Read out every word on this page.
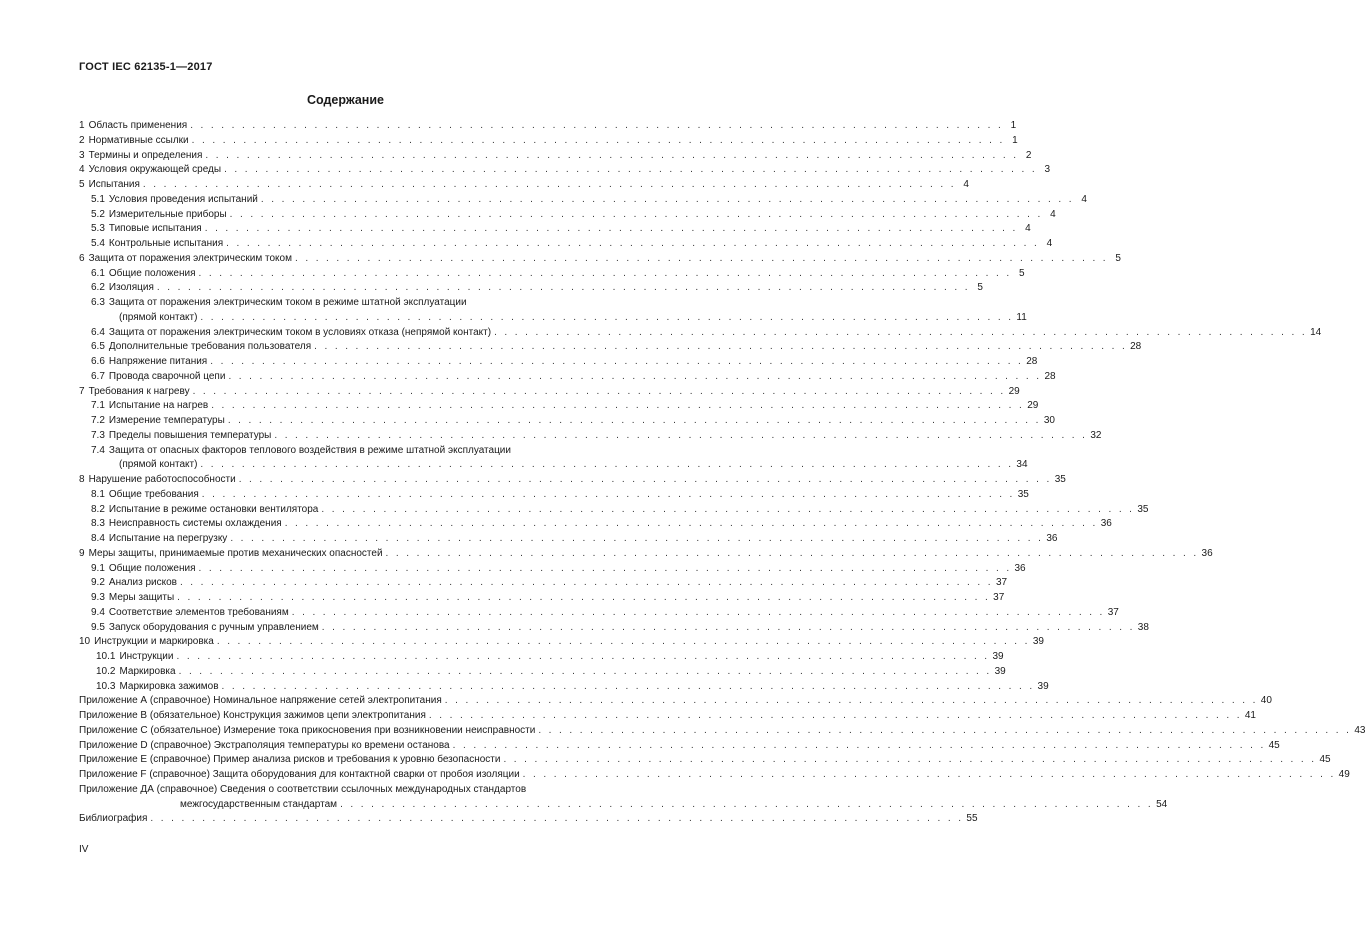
ГОСТ IEC 62135-1—2017
Содержание
1 Область применения . . . . . . . . . . . . . . . . . . . . . . . . . . . . . . . . . . . . . . . . . . . . . . . . . . . . . . . . . . . . . . . . . . . . . . . . . . . . . . . 1
2 Нормативные ссылки . . . . . . . . . . . . . . . . . . . . . . . . . . . . . . . . . . . . . . . . . . . . . . . . . . . . . . . . . . . . . . . . . . . . . . . . . . . . . . . 1
3 Термины и определения . . . . . . . . . . . . . . . . . . . . . . . . . . . . . . . . . . . . . . . . . . . . . . . . . . . . . . . . . . . . . . . . . . . . . . . . . . . . . . . 2
4 Условия окружающей среды . . . . . . . . . . . . . . . . . . . . . . . . . . . . . . . . . . . . . . . . . . . . . . . . . . . . . . . . . . . . . . . . . . . . . . . . . . . . . . . 3
5 Испытания . . . . . . . . . . . . . . . . . . . . . . . . . . . . . . . . . . . . . . . . . . . . . . . . . . . . . . . . . . . . . . . . . . . . . . . . . . . . . . . 4
5.1 Условия проведения испытаний . . . . . . . . . . . . . . . . . . . . . . . . . . . . . . . . . . . . . . . . . . . . . . . . . . . . . . . . . . . . . . . . . . . . . . . . . . . . . . . 4
5.2 Измерительные приборы . . . . . . . . . . . . . . . . . . . . . . . . . . . . . . . . . . . . . . . . . . . . . . . . . . . . . . . . . . . . . . . . . . . . . . . . . . . . . . . 4
5.3 Типовые испытания . . . . . . . . . . . . . . . . . . . . . . . . . . . . . . . . . . . . . . . . . . . . . . . . . . . . . . . . . . . . . . . . . . . . . . . . . . . . . . . 4
5.4 Контрольные испытания . . . . . . . . . . . . . . . . . . . . . . . . . . . . . . . . . . . . . . . . . . . . . . . . . . . . . . . . . . . . . . . . . . . . . . . . . . . . . . . 4
6 Защита от поражения электрическим током . . . . . . . . . . . . . . . . . . . . . . . . . . . . . . . . . . . . . . . . . . . . . . . . . . . . . . . . . . . . . . . . . . . . . . . . . . . . . . . 5
6.1 Общие положения . . . . . . . . . . . . . . . . . . . . . . . . . . . . . . . . . . . . . . . . . . . . . . . . . . . . . . . . . . . . . . . . . . . . . . . . . . . . . . . 5
6.2 Изоляция . . . . . . . . . . . . . . . . . . . . . . . . . . . . . . . . . . . . . . . . . . . . . . . . . . . . . . . . . . . . . . . . . . . . . . . . . . . . . . . 5
6.3 Защита от поражения электрическим током в режиме штатной эксплуатации
(прямой контакт) . . . . . . . . . . . . . . . . . . . . . . . . . . . . . . . . . . . . . . . . . . . . . . . . . . . . . . . . . . . . . . . . . . . . . . . . . . . . . . . 11
6.4 Защита от поражения электрическим током в условиях отказа (непрямой контакт) . . . . . . . . . . . . . . . . . . . . . . . . . . . . . . . . . . . . . . . . . . . . . . . . . . . . . . . . . . . . . . . . . . . . . . . . . . . . . . . 14
6.5 Дополнительные требования пользователя . . . . . . . . . . . . . . . . . . . . . . . . . . . . . . . . . . . . . . . . . . . . . . . . . . . . . . . . . . . . . . . . . . . . . . . . . . . . . . . 28
6.6 Напряжение питания . . . . . . . . . . . . . . . . . . . . . . . . . . . . . . . . . . . . . . . . . . . . . . . . . . . . . . . . . . . . . . . . . . . . . . . . . . . . . . . 28
6.7 Провода сварочной цепи . . . . . . . . . . . . . . . . . . . . . . . . . . . . . . . . . . . . . . . . . . . . . . . . . . . . . . . . . . . . . . . . . . . . . . . . . . . . . . . 28
7 Требования к нагреву . . . . . . . . . . . . . . . . . . . . . . . . . . . . . . . . . . . . . . . . . . . . . . . . . . . . . . . . . . . . . . . . . . . . . . . . . . . . . . . 29
7.1 Испытание на нагрев . . . . . . . . . . . . . . . . . . . . . . . . . . . . . . . . . . . . . . . . . . . . . . . . . . . . . . . . . . . . . . . . . . . . . . . . . . . . . . . 29
7.2 Измерение температуры . . . . . . . . . . . . . . . . . . . . . . . . . . . . . . . . . . . . . . . . . . . . . . . . . . . . . . . . . . . . . . . . . . . . . . . . . . . . . . . 30
7.3 Пределы повышения температуры . . . . . . . . . . . . . . . . . . . . . . . . . . . . . . . . . . . . . . . . . . . . . . . . . . . . . . . . . . . . . . . . . . . . . . . . . . . . . . . 32
7.4 Защита от опасных факторов теплового воздействия в режиме штатной эксплуатации
(прямой контакт) . . . . . . . . . . . . . . . . . . . . . . . . . . . . . . . . . . . . . . . . . . . . . . . . . . . . . . . . . . . . . . . . . . . . . . . . . . . . . . . 34
8 Нарушение работоспособности . . . . . . . . . . . . . . . . . . . . . . . . . . . . . . . . . . . . . . . . . . . . . . . . . . . . . . . . . . . . . . . . . . . . . . . . . . . . . . . 35
8.1 Общие требования . . . . . . . . . . . . . . . . . . . . . . . . . . . . . . . . . . . . . . . . . . . . . . . . . . . . . . . . . . . . . . . . . . . . . . . . . . . . . . . 35
8.2 Испытание в режиме остановки вентилятора . . . . . . . . . . . . . . . . . . . . . . . . . . . . . . . . . . . . . . . . . . . . . . . . . . . . . . . . . . . . . . . . . . . . . . . . . . . . . . . 35
8.3 Неисправность системы охлаждения . . . . . . . . . . . . . . . . . . . . . . . . . . . . . . . . . . . . . . . . . . . . . . . . . . . . . . . . . . . . . . . . . . . . . . . . . . . . . . . 36
8.4 Испытание на перегрузку . . . . . . . . . . . . . . . . . . . . . . . . . . . . . . . . . . . . . . . . . . . . . . . . . . . . . . . . . . . . . . . . . . . . . . . . . . . . . . . 36
9 Меры защиты, принимаемые против механических опасностей . . . . . . . . . . . . . . . . . . . . . . . . . . . . . . . . . . . . . . . . . . . . . . . . . . . . . . . . . . . . . . . . . . . . . . . . . . . . . . . 36
9.1 Общие положения . . . . . . . . . . . . . . . . . . . . . . . . . . . . . . . . . . . . . . . . . . . . . . . . . . . . . . . . . . . . . . . . . . . . . . . . . . . . . . . 36
9.2 Анализ рисков . . . . . . . . . . . . . . . . . . . . . . . . . . . . . . . . . . . . . . . . . . . . . . . . . . . . . . . . . . . . . . . . . . . . . . . . . . . . . . . 37
9.3 Меры защиты . . . . . . . . . . . . . . . . . . . . . . . . . . . . . . . . . . . . . . . . . . . . . . . . . . . . . . . . . . . . . . . . . . . . . . . . . . . . . . . 37
9.4 Соответствие элементов требованиям . . . . . . . . . . . . . . . . . . . . . . . . . . . . . . . . . . . . . . . . . . . . . . . . . . . . . . . . . . . . . . . . . . . . . . . . . . . . . . . 37
9.5 Запуск оборудования с ручным управлением . . . . . . . . . . . . . . . . . . . . . . . . . . . . . . . . . . . . . . . . . . . . . . . . . . . . . . . . . . . . . . . . . . . . . . . . . . . . . . . 38
10 Инструкции и маркировка . . . . . . . . . . . . . . . . . . . . . . . . . . . . . . . . . . . . . . . . . . . . . . . . . . . . . . . . . . . . . . . . . . . . . . . . . . . . . . . 39
10.1 Инструкции . . . . . . . . . . . . . . . . . . . . . . . . . . . . . . . . . . . . . . . . . . . . . . . . . . . . . . . . . . . . . . . . . . . . . . . . . . . . . . . 39
10.2 Маркировка . . . . . . . . . . . . . . . . . . . . . . . . . . . . . . . . . . . . . . . . . . . . . . . . . . . . . . . . . . . . . . . . . . . . . . . . . . . . . . . 39
10.3 Маркировка зажимов . . . . . . . . . . . . . . . . . . . . . . . . . . . . . . . . . . . . . . . . . . . . . . . . . . . . . . . . . . . . . . . . . . . . . . . . . . . . . . . 39
Приложение А (справочное) Номинальное напряжение сетей электропитания . . . . . . . . . . . . . . . . . . . . . . . . . . . . . . . . . . . . . . . . . . . . . . . . . . . . . . . . . . . . . . . . . . . . . . . . . . . . . . . 40
Приложение В (обязательное) Конструкция зажимов цепи электропитания . . . . . . . . . . . . . . . . . . . . . . . . . . . . . . . . . . . . . . . . . . . . . . . . . . . . . . . . . . . . . . . . . . . . . . . . . . . . . . . 41
Приложение С (обязательное) Измерение тока прикосновения при возникновении неисправности . . . . . . . . . . . . . . . . . . . . . . . . . . . . . . . . . . . . . . . . . . . . . . . . . . . . . . . . . . . . . . . . . . . . . . . . . . . . . . . 43
Приложение D (справочное) Экстраполяция температуры ко времени останова . . . . . . . . . . . . . . . . . . . . . . . . . . . . . . . . . . . . . . . . . . . . . . . . . . . . . . . . . . . . . . . . . . . . . . . . . . . . . . . 45
Приложение Е (справочное) Пример анализа рисков и требования к уровню безопасности . . . . . . . . . . . . . . . . . . . . . . . . . . . . . . . . . . . . . . . . . . . . . . . . . . . . . . . . . . . . . . . . . . . . . . . . . . . . . . . 45
Приложение F (справочное) Защита оборудования для контактной сварки от пробоя изоляции . . . . . . . . . . . . . . . . . . . . . . . . . . . . . . . . . . . . . . . . . . . . . . . . . . . . . . . . . . . . . . . . . . . . . . . . . . . . . . . 49
Приложение ДА (справочное) Сведения о соответствии ссылочных международных стандартов
межгосударственным стандартам . . . . . . . . . . . . . . . . . . . . . . . . . . . . . . . . . . . . . . . . . . . . . . . . . . . . . . . . . . . . . . . . . . . . . . . . . . . . . . . 54
Библиография . . . . . . . . . . . . . . . . . . . . . . . . . . . . . . . . . . . . . . . . . . . . . . . . . . . . . . . . . . . . . . . . . . . . . . . . . . . . . . . 55
IV
